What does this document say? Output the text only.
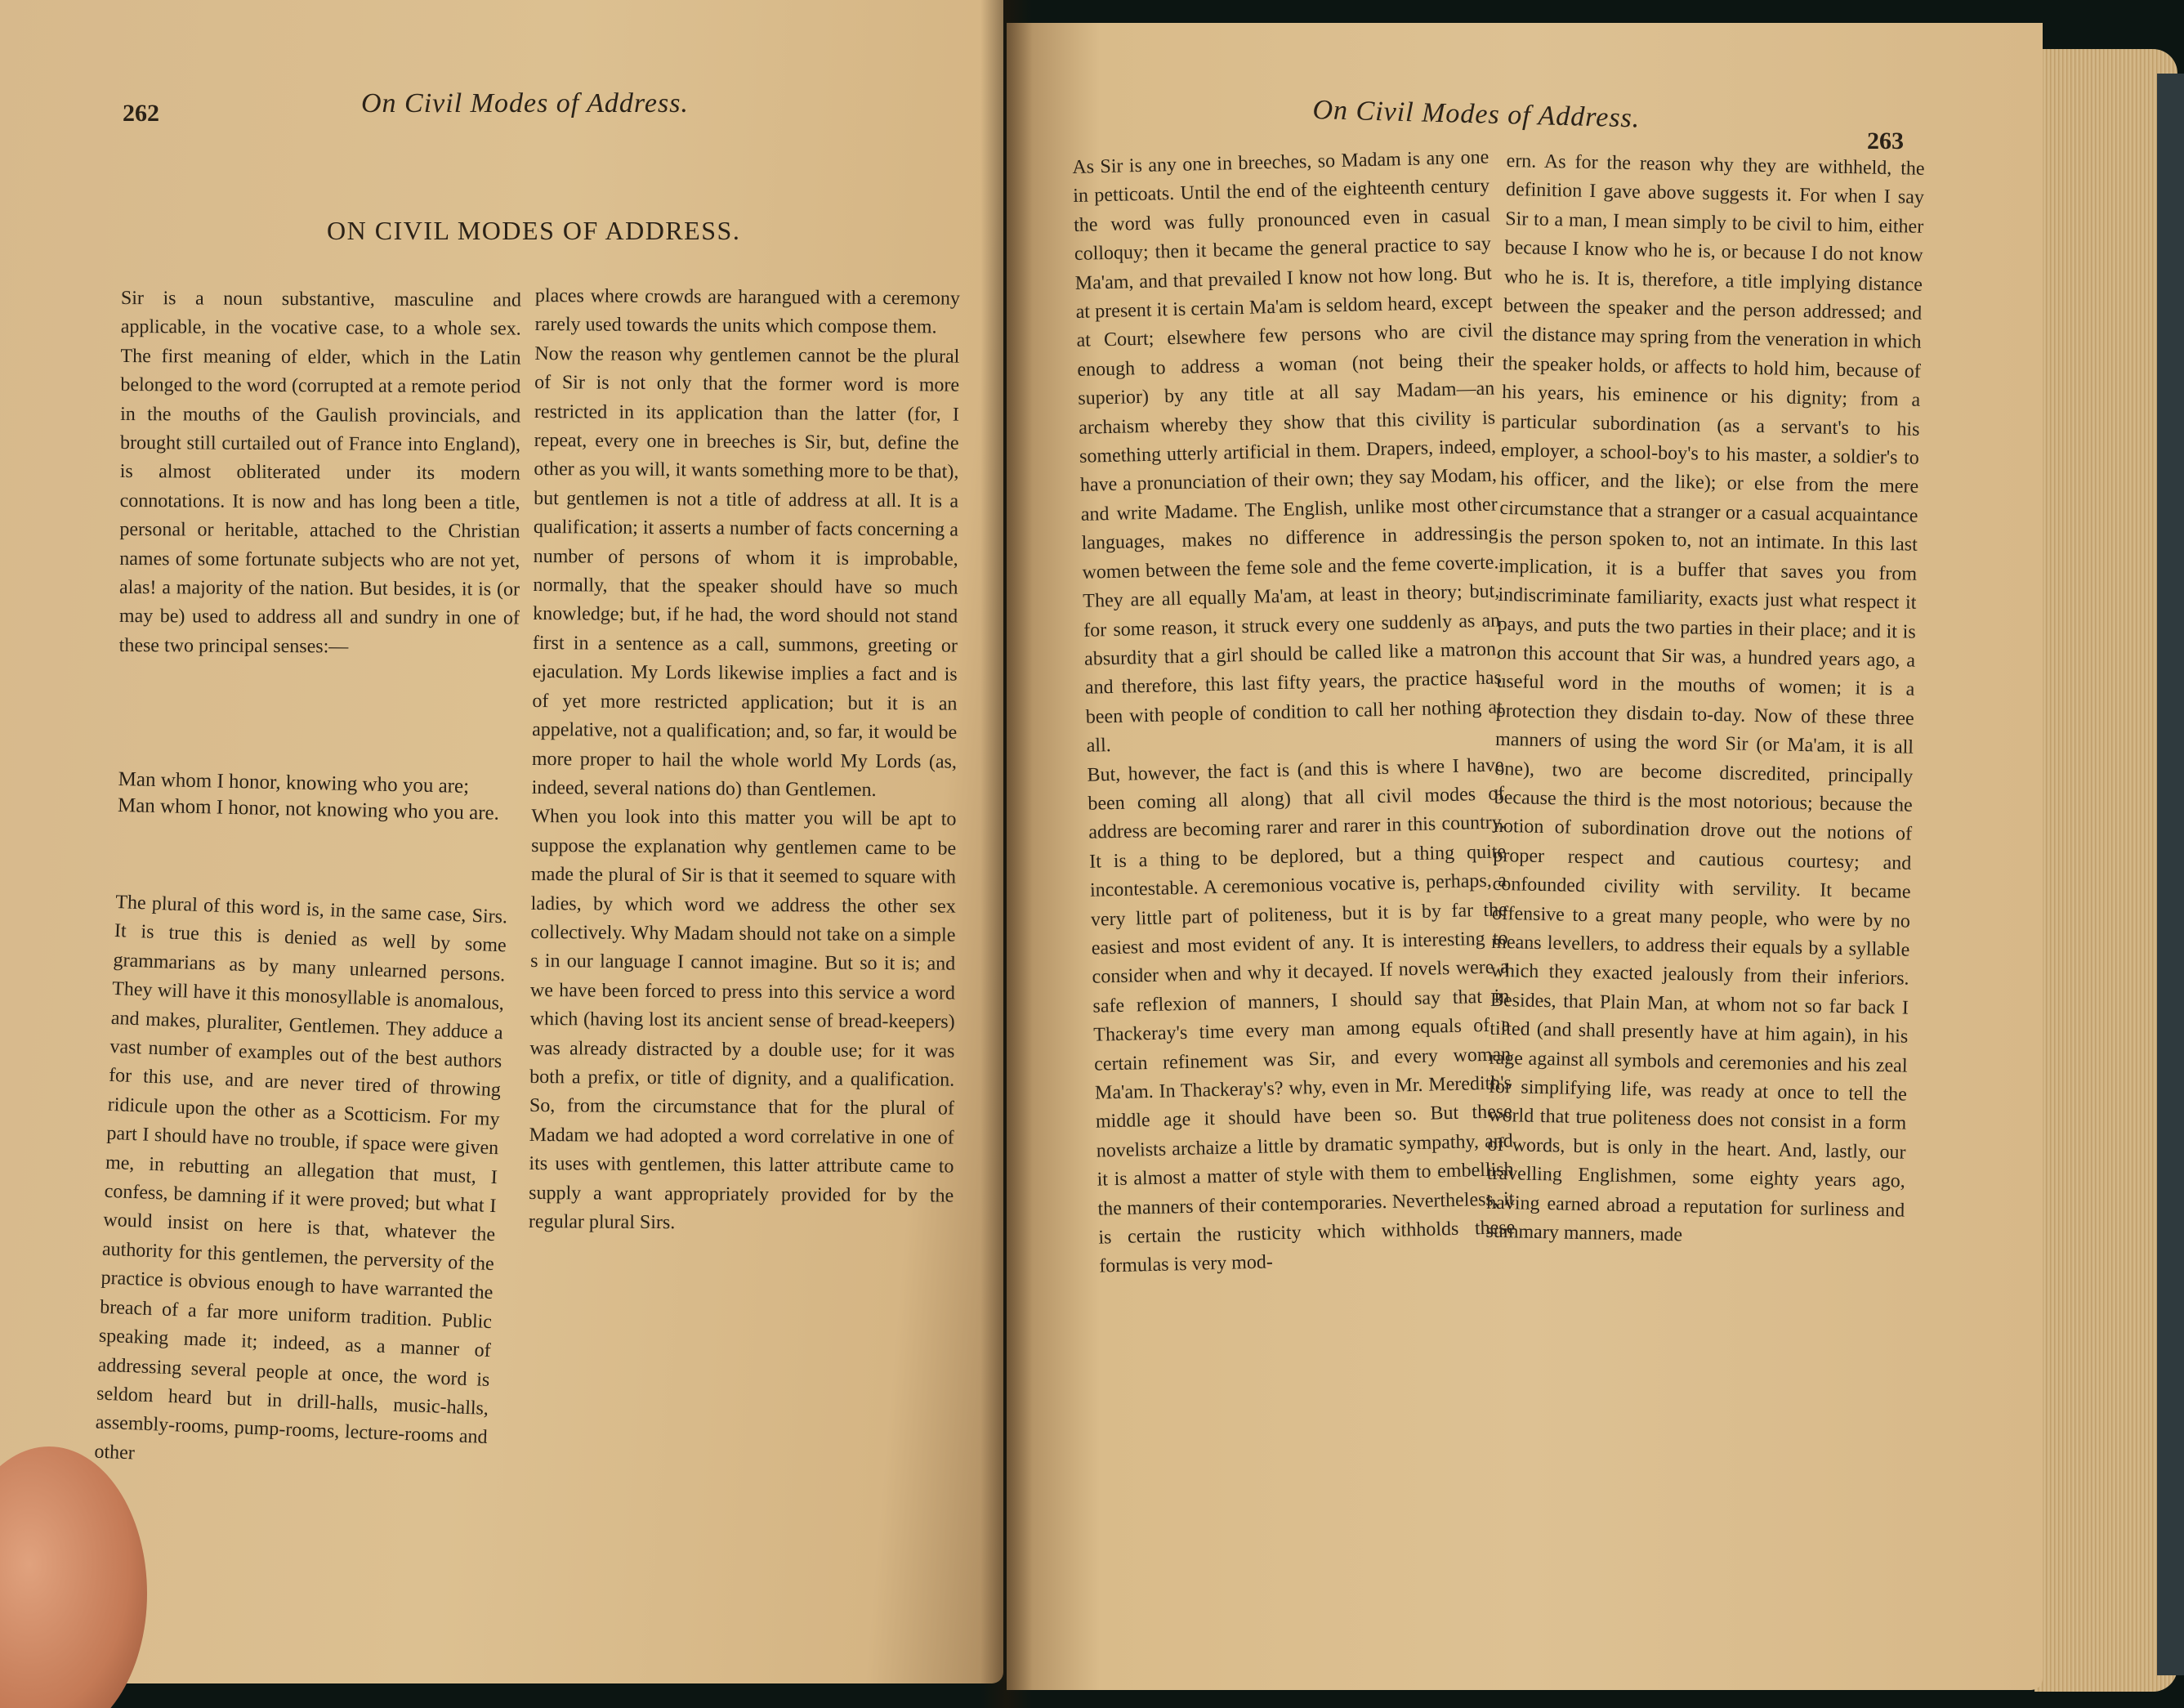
262	On Civil Modes of Address.
ON CIVIL MODES OF ADDRESS.

Sir is a noun substantive, masculine and applicable, in the vocative case, to a whole sex. The first meaning of elder, which in the Latin belonged to the word (corrupted at a remote period in the mouths of the Gaulish provincials, and brought still curtailed out of France into England), is almost obliterated under its modern connotations. It is now and has long been a title, personal or heritable, attached to the Christian names of some fortunate subjects who are not yet, alas! a majority of the nation. But besides, it is (or may be) used to address all and sundry in one of these two principal senses:—

Man whom I honor, knowing who you are;
Man whom I honor, not knowing who you are.

The plural of this word is, in the same case, Sirs. It is true this is denied as well by some grammarians as by many unlearned persons. They will have it this monosyllable is anomalous, and makes, pluraliter, Gentlemen. They adduce a vast number of examples out of the best authors for this use, and are never tired of throwing ridicule upon the other as a Scotticism. For my part I should have no trouble, if space were given me, in rebutting an allegation that must, I confess, be damning if it were proved; but what I would insist on here is that, whatever the authority for this gentlemen, the perversity of the practice is obvious enough to have warranted the breach of a far more uniform tradition. Public speaking made it; indeed, as a manner of addressing several people at once, the word is seldom heard but in drill-halls, music-halls, assembly-rooms, pump-rooms, lecture-rooms and other

places where crowds are harangued with a ceremony rarely used towards the units which compose them.
Now the reason why gentlemen cannot be the plural of Sir is not only that the former word is more restricted in its application than the latter (for, I repeat, every one in breeches is Sir, but, define the other as you will, it wants something more to be that), but gentlemen is not a title of address at all. It is a qualification; it asserts a number of facts concerning a number of persons of whom it is improbable, normally, that the speaker should have so much knowledge; but, if he had, the word should not stand first in a sentence as a call, summons, greeting or ejaculation. My Lords likewise implies a fact and is of yet more restricted application; but it is an appelative, not a qualification; and, so far, it would be more proper to hail the whole world My Lords (as, indeed, several nations do) than Gentlemen.
When you look into this matter you will be apt to suppose the explanation why gentlemen came to be made the plural of Sir is that it seemed to square with ladies, by which word we address the other sex collectively. Why Madam should not take on a simple s in our language I cannot imagine. But so it is; and we have been forced to press into this service a word which (having lost its ancient sense of bread-keepers) was already distracted by a double use; for it was both a prefix, or title of dignity, and a qualification. So, from the circumstance that for the plural of Madam we had adopted a word correlative in one of its uses with gentlemen, this latter attribute came to supply a want appropriately provided for by the regular plural Sirs.

On Civil Modes of Address.
263

As Sir is any one in breeches, so Madam is any one in petticoats. Until the end of the eighteenth century the word was fully pronounced even in casual colloquy; then it became the general practice to say Ma'am, and that prevailed I know not how long. But at present it is certain Ma'am is seldom heard, except at Court; elsewhere few persons who are civil enough to address a woman (not being their superior) by any title at all say Madam—an archaism whereby they show that this civility is something utterly artificial in them. Drapers, indeed, have a pronunciation of their own; they say Modam, and write Madame. The English, unlike most other languages, makes no difference in addressing women between the feme sole and the feme coverte. They are all equally Ma'am, at least in theory; but, for some reason, it struck every one suddenly as an absurdity that a girl should be called like a matron, and therefore, this last fifty years, the practice has been with people of condition to call her nothing at all.
But, however, the fact is (and this is where I have been coming all along) that all civil modes of address are becoming rarer and rarer in this country. It is a thing to be deplored, but a thing quite incontestable. A ceremonious vocative is, perhaps, a very little part of politeness, but it is by far the easiest and most evident of any. It is interesting to consider when and why it decayed. If novels were a safe reflexion of manners, I should say that in Thackeray's time every man among equals of a certain refinement was Sir, and every woman Ma'am. In Thackeray's? why, even in Mr. Meredith's middle age it should have been so. But these novelists archaize a little by dramatic sympathy, and it is almost a matter of style with them to embellish the manners of their contemporaries. Nevertheless, it is certain the rusticity which withholds these formulas is very mod-

ern. As for the reason why they are withheld, the definition I gave above suggests it. For when I say Sir to a man, I mean simply to be civil to him, either because I know who he is, or because I do not know who he is. It is, therefore, a title implying distance between the speaker and the person addressed; and the distance may spring from the veneration in which the speaker holds, or affects to hold him, because of his years, his eminence or his dignity; from a particular subordination (as a servant's to his employer, a school-boy's to his master, a soldier's to his officer, and the like); or else from the mere circumstance that a stranger or a casual acquaintance is the person spoken to, not an intimate. In this last implication, it is a buffer that saves you from indiscriminate familiarity, exacts just what respect it pays, and puts the two parties in their place; and it is on this account that Sir was, a hundred years ago, a useful word in the mouths of women; it is a protection they disdain to-day. Now of these three manners of using the word Sir (or Ma'am, it is all one), two are become discredited, principally because the third is the most notorious; because the notion of subordination drove out the notions of proper respect and cautious courtesy; and confounded civility with servility. It became offensive to a great many people, who were by no means levellers, to address their equals by a syllable which they exacted jealously from their inferiors. Besides, that Plain Man, at whom not so far back I tilted (and shall presently have at him again), in his rage against all symbols and ceremonies and his zeal for simplifying life, was ready at once to tell the world that true politeness does not consist in a form of words, but is only in the heart. And, lastly, our travelling Englishmen, some eighty years ago, having earned abroad a reputation for surliness and summary manners, made
